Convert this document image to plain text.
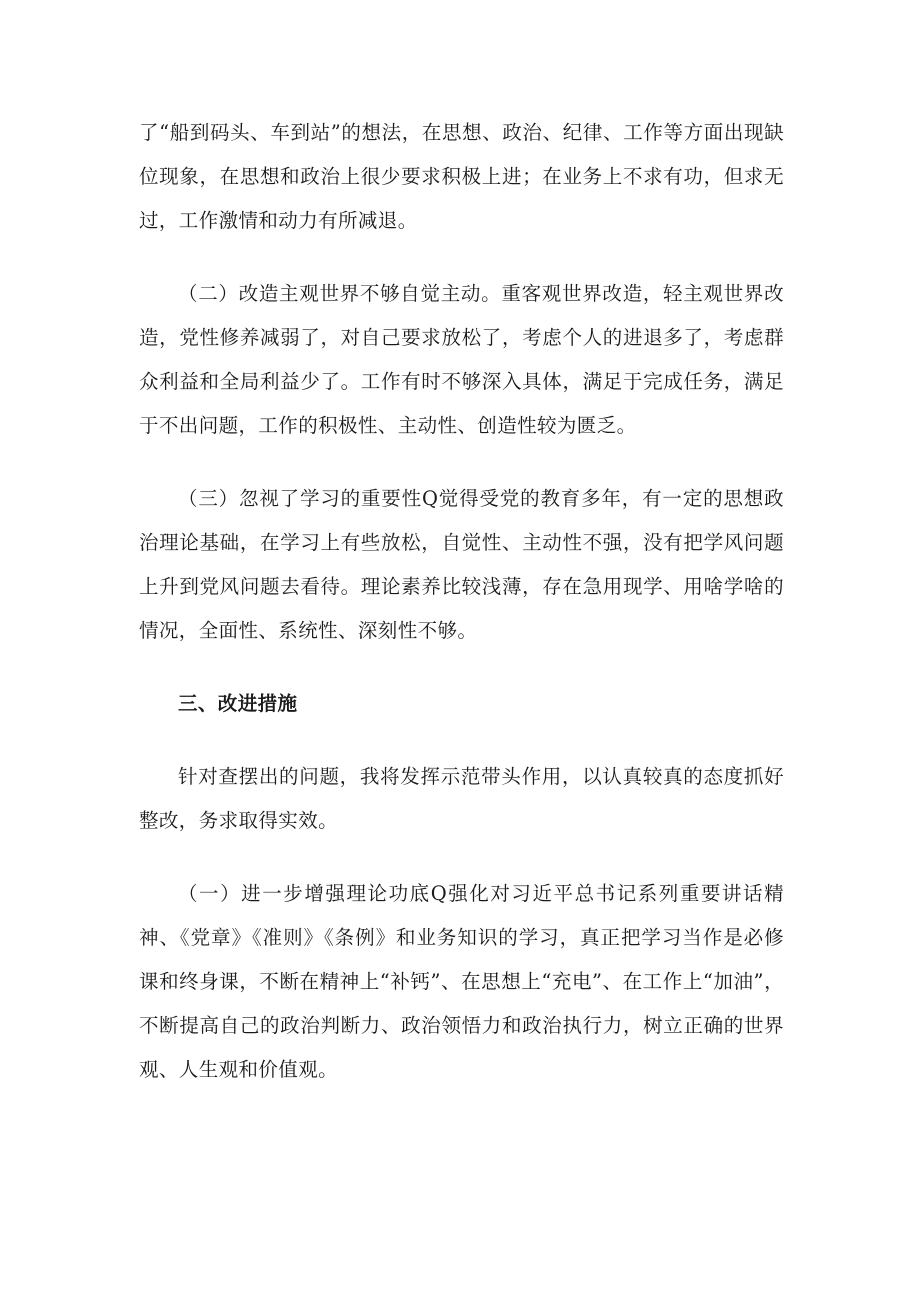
了“船到码头、车到站”的想法，在思想、政治、纪律、工作等方面出现缺位现象，在思想和政治上很少要求积极上进；在业务上不求有功，但求无过，工作激情和动力有所减退。

（二）改造主观世界不够自觉主动。重客观世界改造，轻主观世界改造，党性修养减弱了，对自己要求放松了，考虑个人的进退多了，考虑群众利益和全局利益少了。工作有时不够深入具体，满足于完成任务，满足于不出问题，工作的积极性、主动性、创造性较为匮乏。

（三）忽视了学习的重要性Q觉得受党的教育多年，有一定的思想政治理论基础，在学习上有些放松，自觉性、主动性不强，没有把学风问题上升到党风问题去看待。理论素养比较浅薄，存在急用现学、用啥学啥的情况，全面性、系统性、深刻性不够。

三、改进措施

针对查摆出的问题，我将发挥示范带头作用，以认真较真的态度抓好整改，务求取得实效。

（一）进一步增强理论功底Q强化对习近平总书记系列重要讲话精神、《党章》《准则》《条例》和业务知识的学习，真正把学习当作是必修课和终身课，不断在精神上“补钙”、在思想上“充电”、在工作上“加油”，不断提高自己的政治判断力、政治领悟力和政治执行力，树立正确的世界观、人生观和价值观。
